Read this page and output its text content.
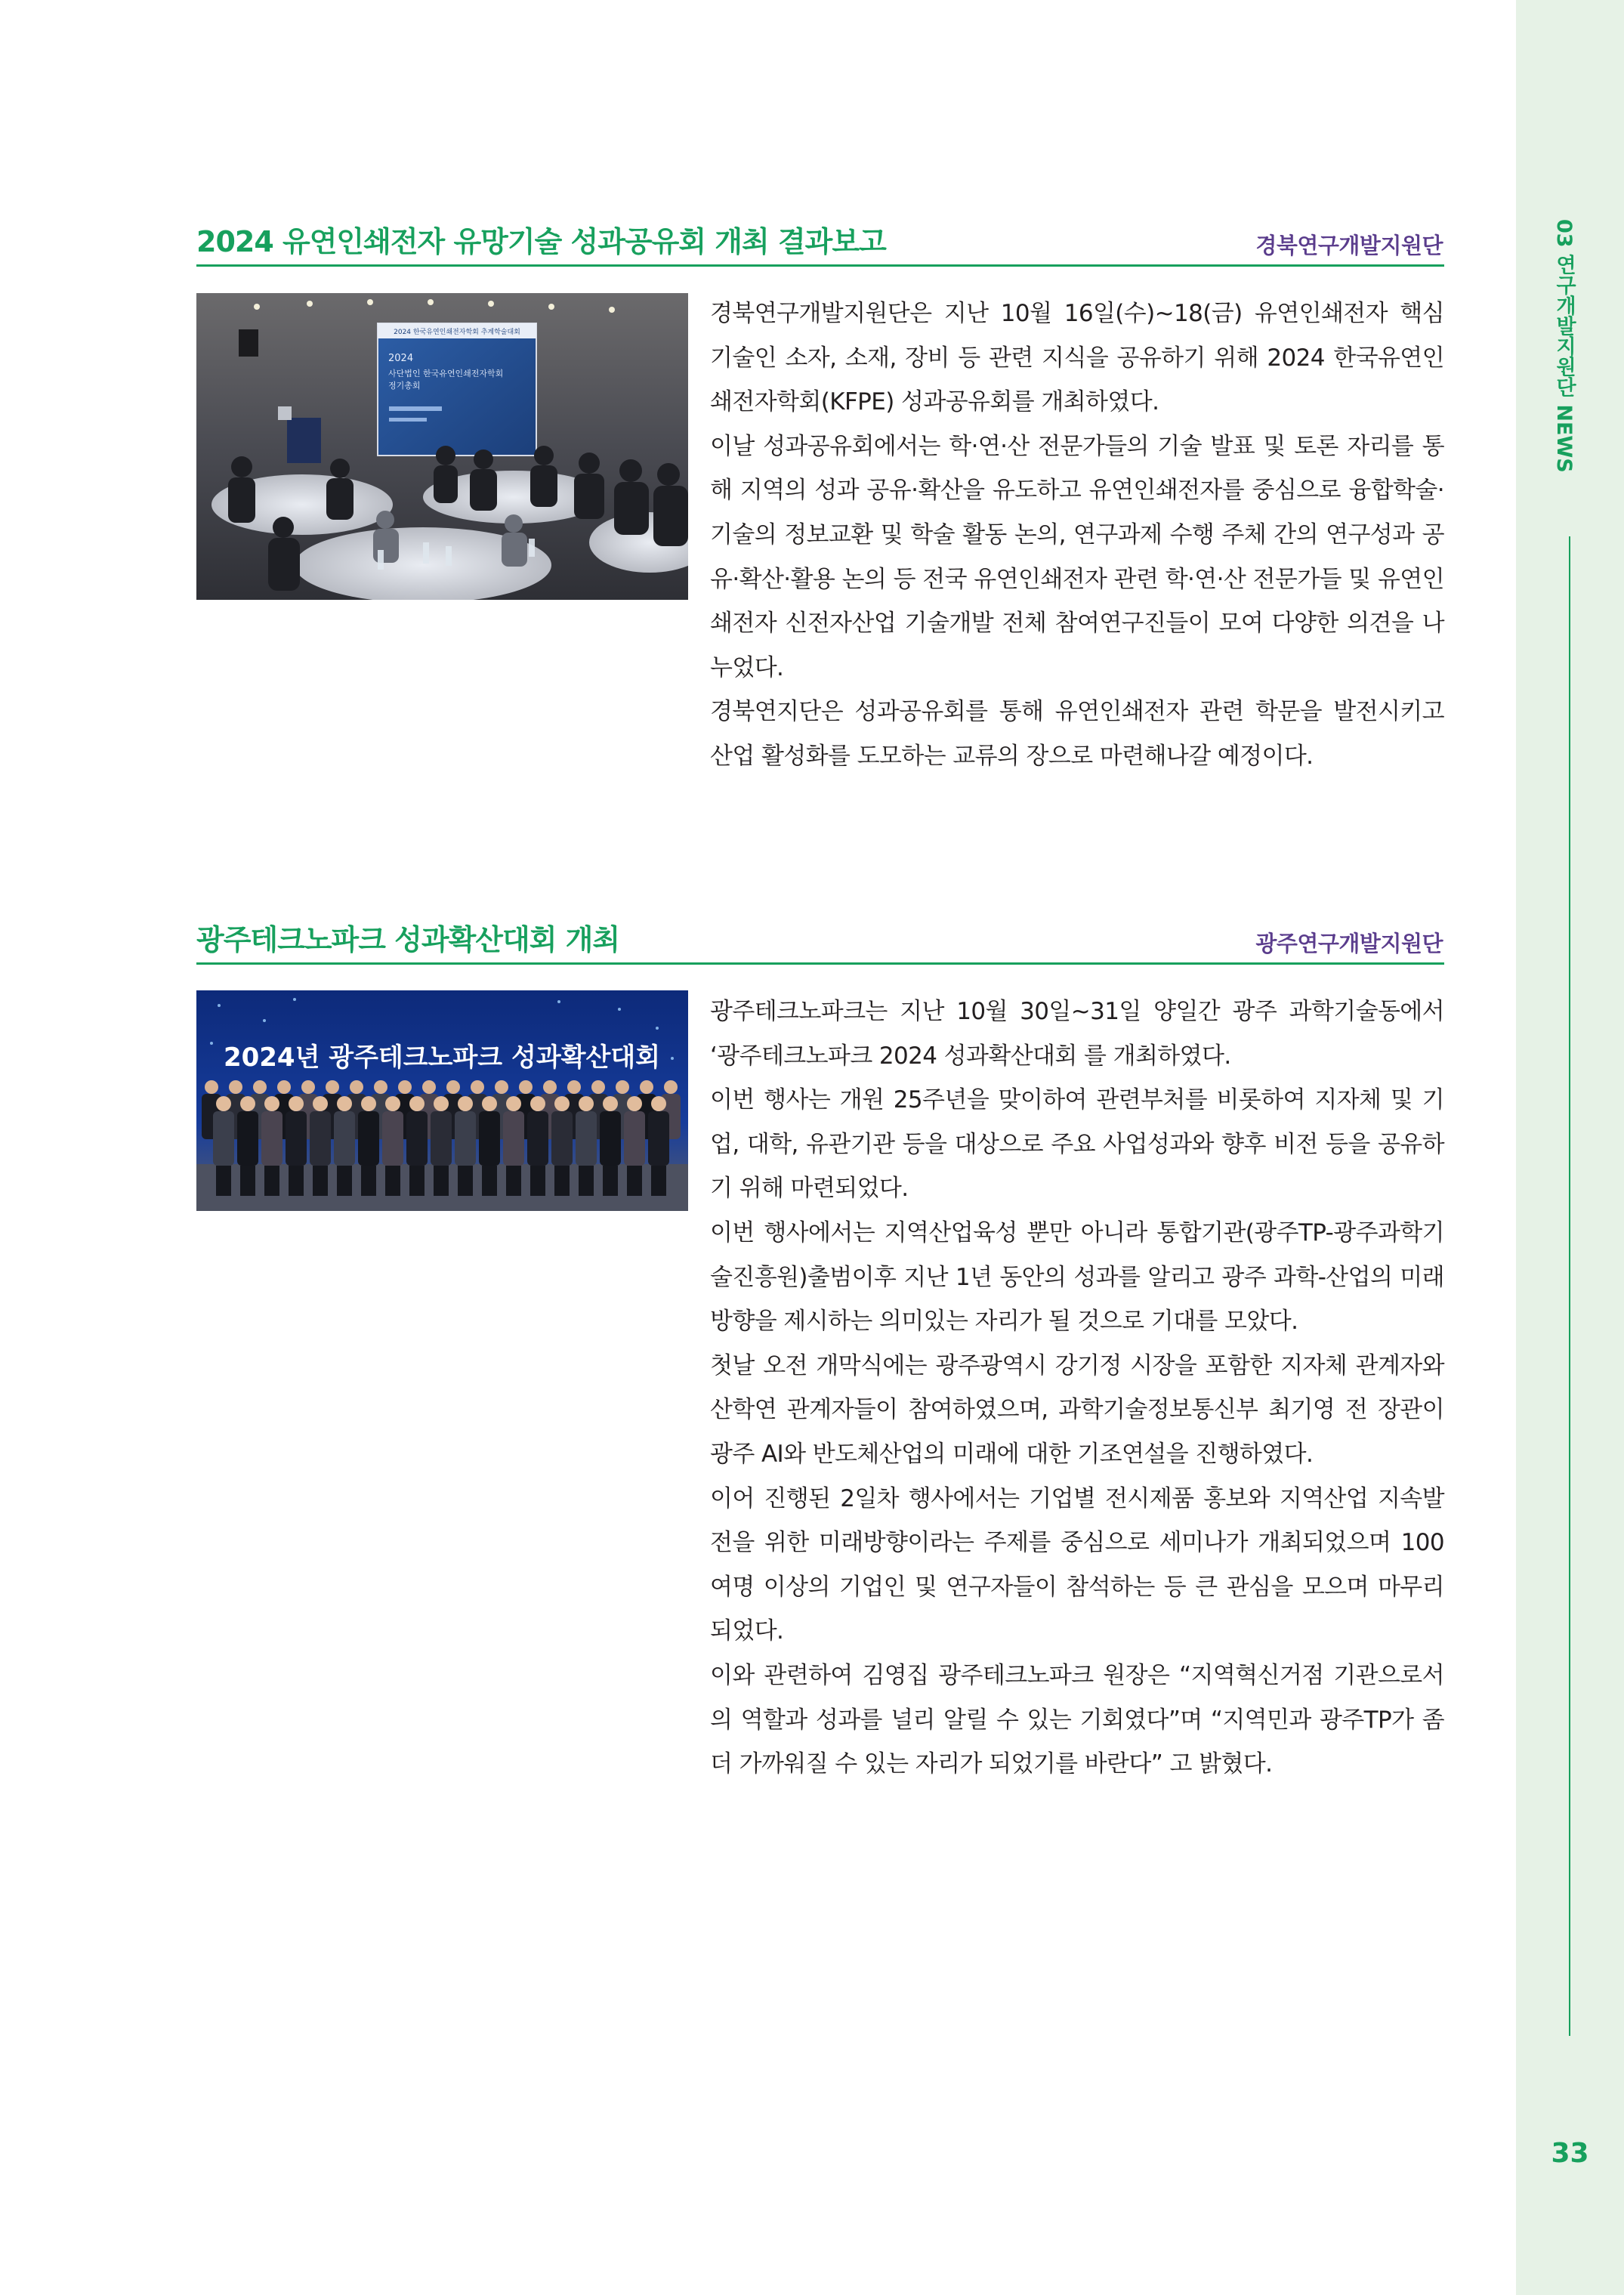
03 연구개발지원단 NEWS
33
2024 유연인쇄전자 유망기술 성과공유회 개최 결과보고	경북연구개발지원단
2024 한국유연인쇄전자학회 추계학술대회
2024
사단법인 한국유연인쇄전자학회
정기총회

경북연구개발지원단은 지난 10월 16일(수)~18(금) 유연인쇄전자 핵심 기술인 소자, 소재, 장비 등 관련 지식을 공유하기 위해 2024 한국유연인쇄전자학회(KFPE) 성과공유회를 개최하였다.

이날 성과공유회에서는 학·연·산 전문가들의 기술 발표 및 토론 자리를 통해 지역의 성과 공유·확산을 유도하고 유연인쇄전자를 중심으로 융합학술·기술의 정보교환 및 학술 활동 논의, 연구과제 수행 주체 간의 연구성과 공유·확산·활용 논의 등 전국 유연인쇄전자 관련 학·연·산 전문가들 및 유연인쇄전자 신전자산업 기술개발 전체 참여연구진들이 모여 다양한 의견을 나누었다.

경북연지단은 성과공유회를 통해 유연인쇄전자 관련 학문을 발전시키고 산업 활성화를 도모하는 교류의 장으로 마련해나갈 예정이다.

광주테크노파크 성과확산대회 개최	광주연구개발지원단
2024년 광주테크노파크 성과확산대회

광주테크노파크는 지난 10월 30일~31일 양일간 광주 과학기술동에서 ‘광주테크노파크 2024 성과확산대회 를 개최하였다.

이번 행사는 개원 25주년을 맞이하여 관련부처를 비롯하여 지자체 및 기업, 대학, 유관기관 등을 대상으로 주요 사업성과와 향후 비전 등을 공유하기 위해 마련되었다.

이번 행사에서는 지역산업육성 뿐만 아니라 통합기관(광주TP-광주과학기술진흥원)출범이후 지난 1년 동안의 성과를 알리고 광주 과학-산업의 미래 방향을 제시하는 의미있는 자리가 될 것으로 기대를 모았다.

첫날 오전 개막식에는 광주광역시 강기정 시장을 포함한 지자체 관계자와 산학연 관계자들이 참여하였으며, 과학기술정보통신부 최기영 전 장관이 광주 AI와 반도체산업의 미래에 대한 기조연설을 진행하였다.

이어 진행된 2일차 행사에서는 기업별 전시제품 홍보와 지역산업 지속발전을 위한 미래방향이라는 주제를 중심으로 세미나가 개최되었으며 100여명 이상의 기업인 및 연구자들이 참석하는 등 큰 관심을 모으며 마무리 되었다.

이와 관련하여 김영집 광주테크노파크 원장은 “지역혁신거점 기관으로서의 역할과 성과를 널리 알릴 수 있는 기회였다”며 “지역민과 광주TP가 좀 더 가까워질 수 있는 자리가 되었기를 바란다” 고 밝혔다.
